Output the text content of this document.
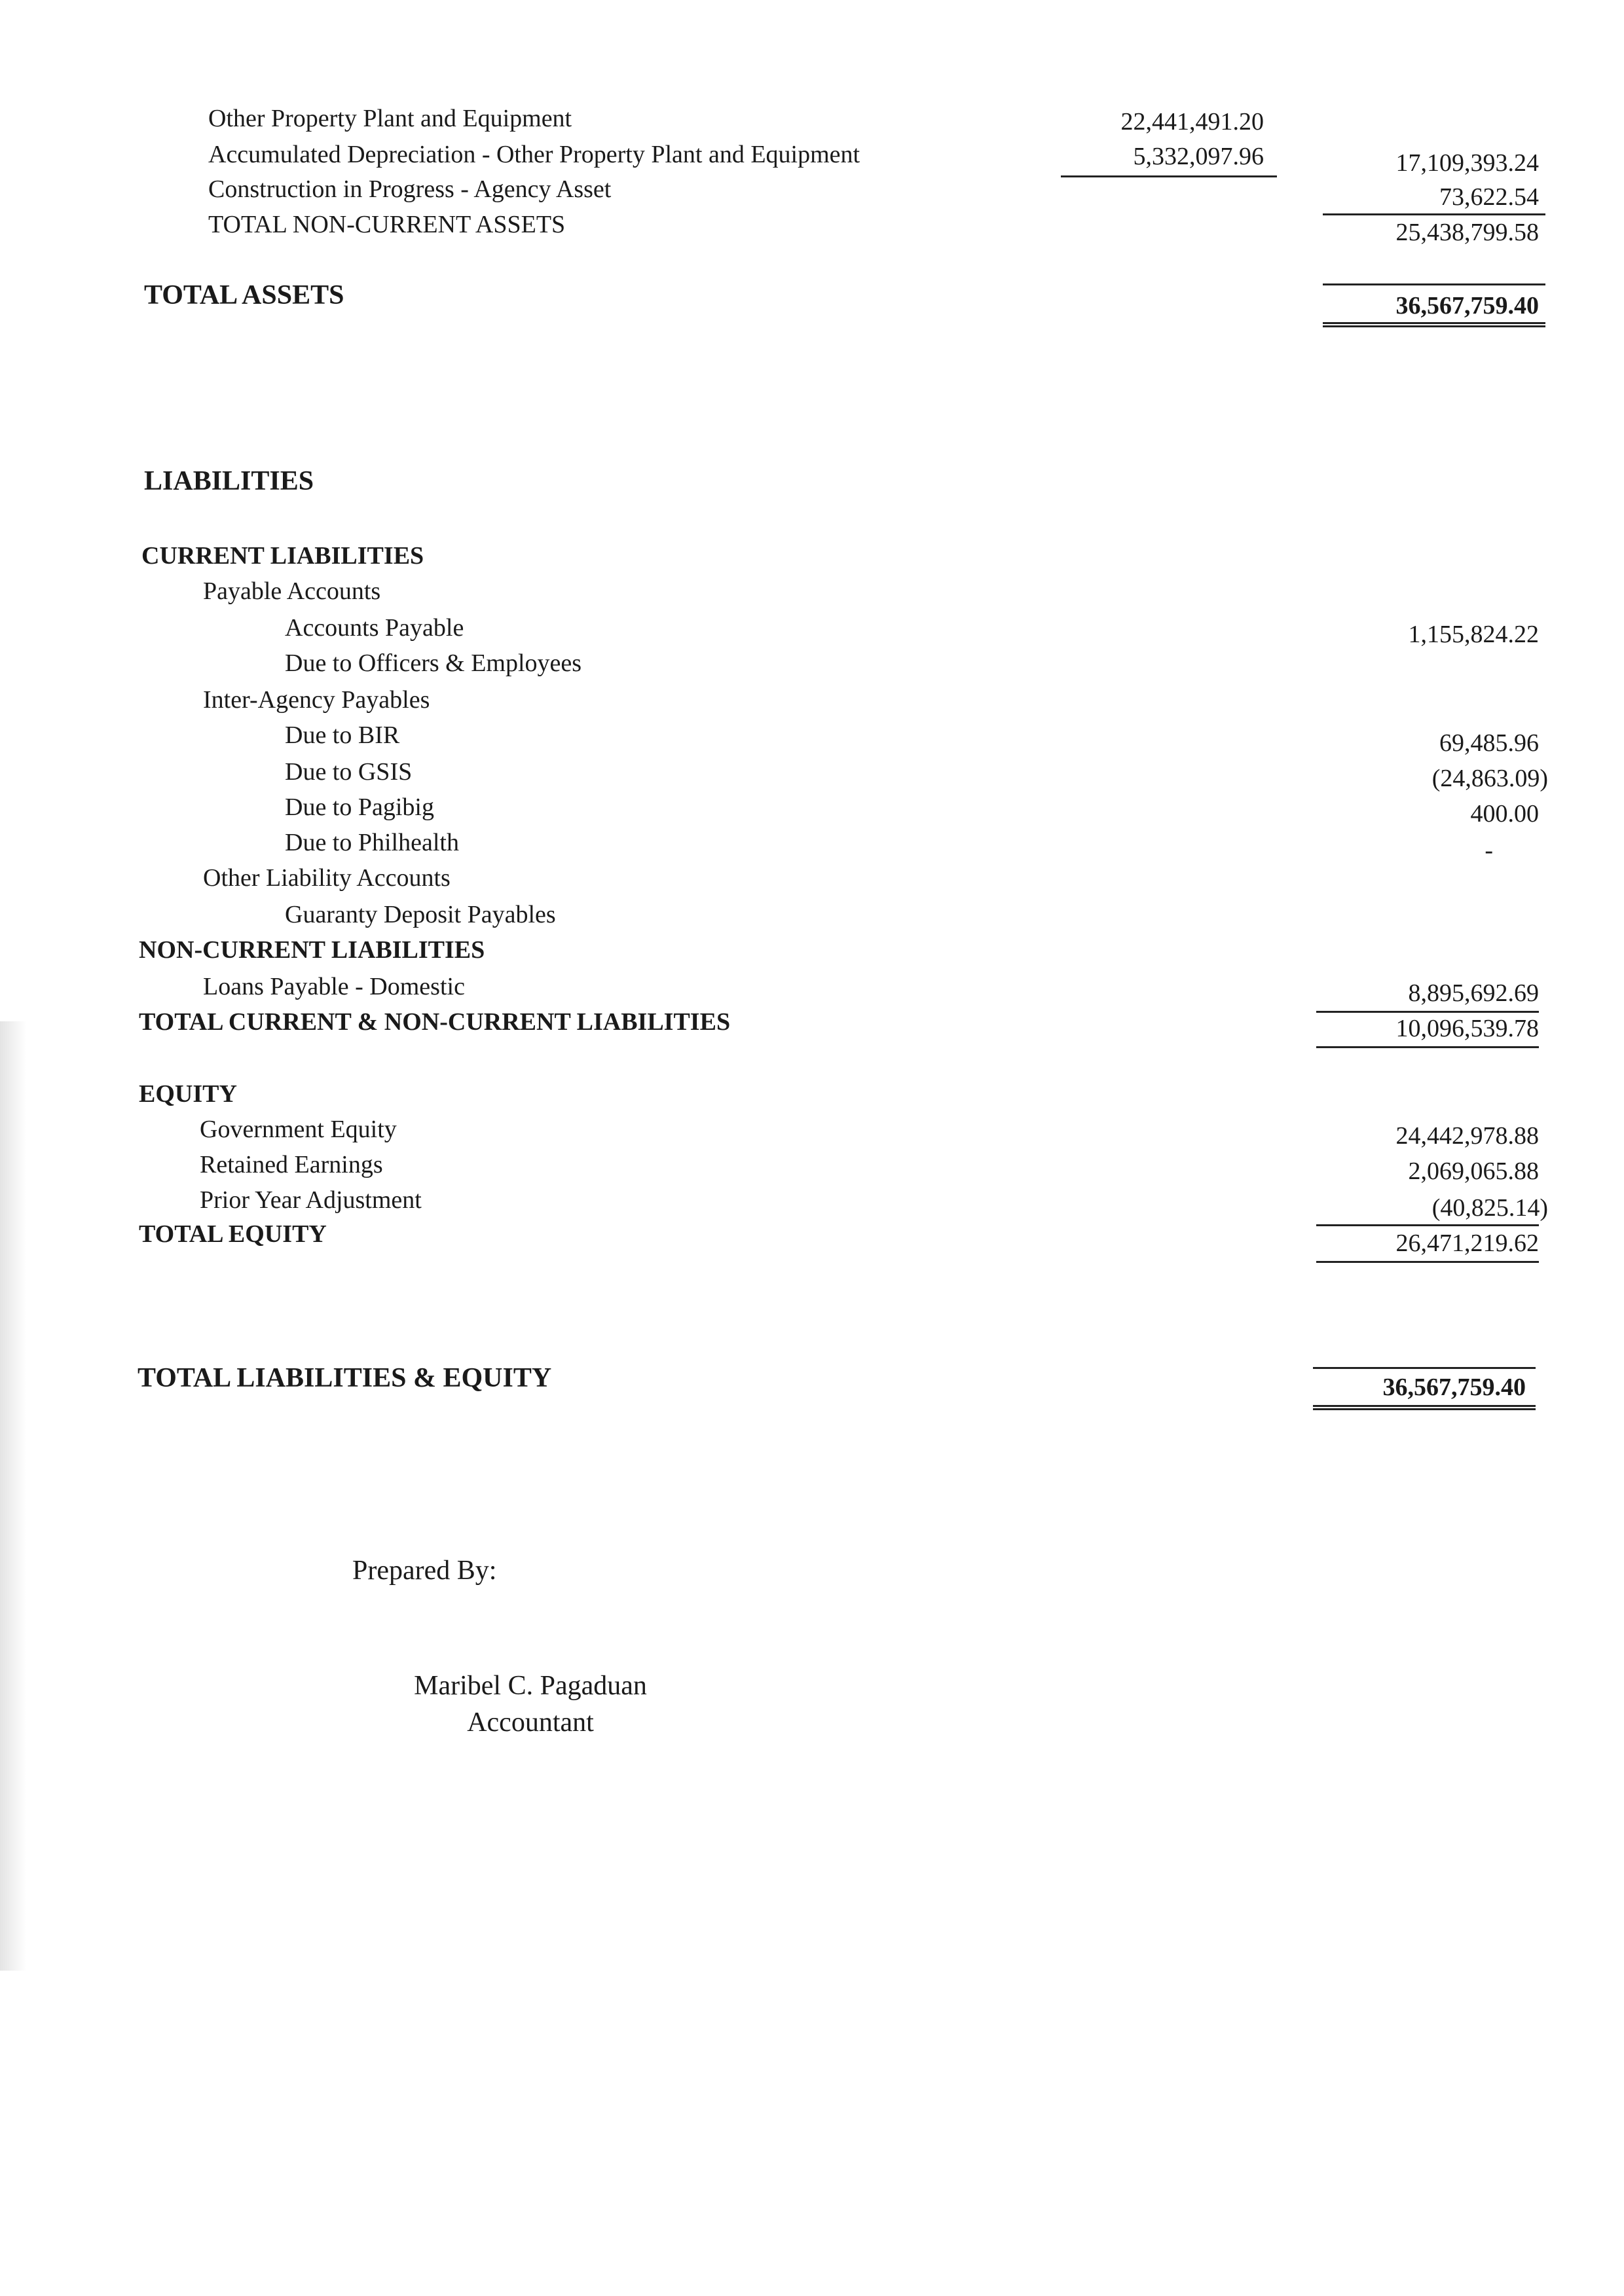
Other Property Plant and Equipment	22,441,491.20
Accumulated Depreciation - Other Property Plant and Equipment	5,332,097.96	17,109,393.24
Construction in Progress - Agency Asset	73,622.54
TOTAL NON-CURRENT ASSETS	25,438,799.58
TOTAL ASSETS	36,567,759.40
LIABILITIES
CURRENT LIABILITIES
Payable Accounts
Accounts Payable	1,155,824.22
Due to Officers & Employees
Inter-Agency Payables
Due to BIR	69,485.96
Due to GSIS	(24,863.09)
Due to Pagibig	400.00
Due to Philhealth	-
Other Liability Accounts
Guaranty Deposit Payables
NON-CURRENT LIABILITIES
Loans Payable - Domestic	8,895,692.69
TOTAL CURRENT & NON-CURRENT LIABILITIES	10,096,539.78
EQUITY
Government Equity	24,442,978.88
Retained Earnings	2,069,065.88
Prior Year Adjustment	(40,825.14)
TOTAL EQUITY	26,471,219.62
TOTAL LIABILITIES & EQUITY	36,567,759.40
Prepared By:
Maribel C. Pagaduan
Accountant
